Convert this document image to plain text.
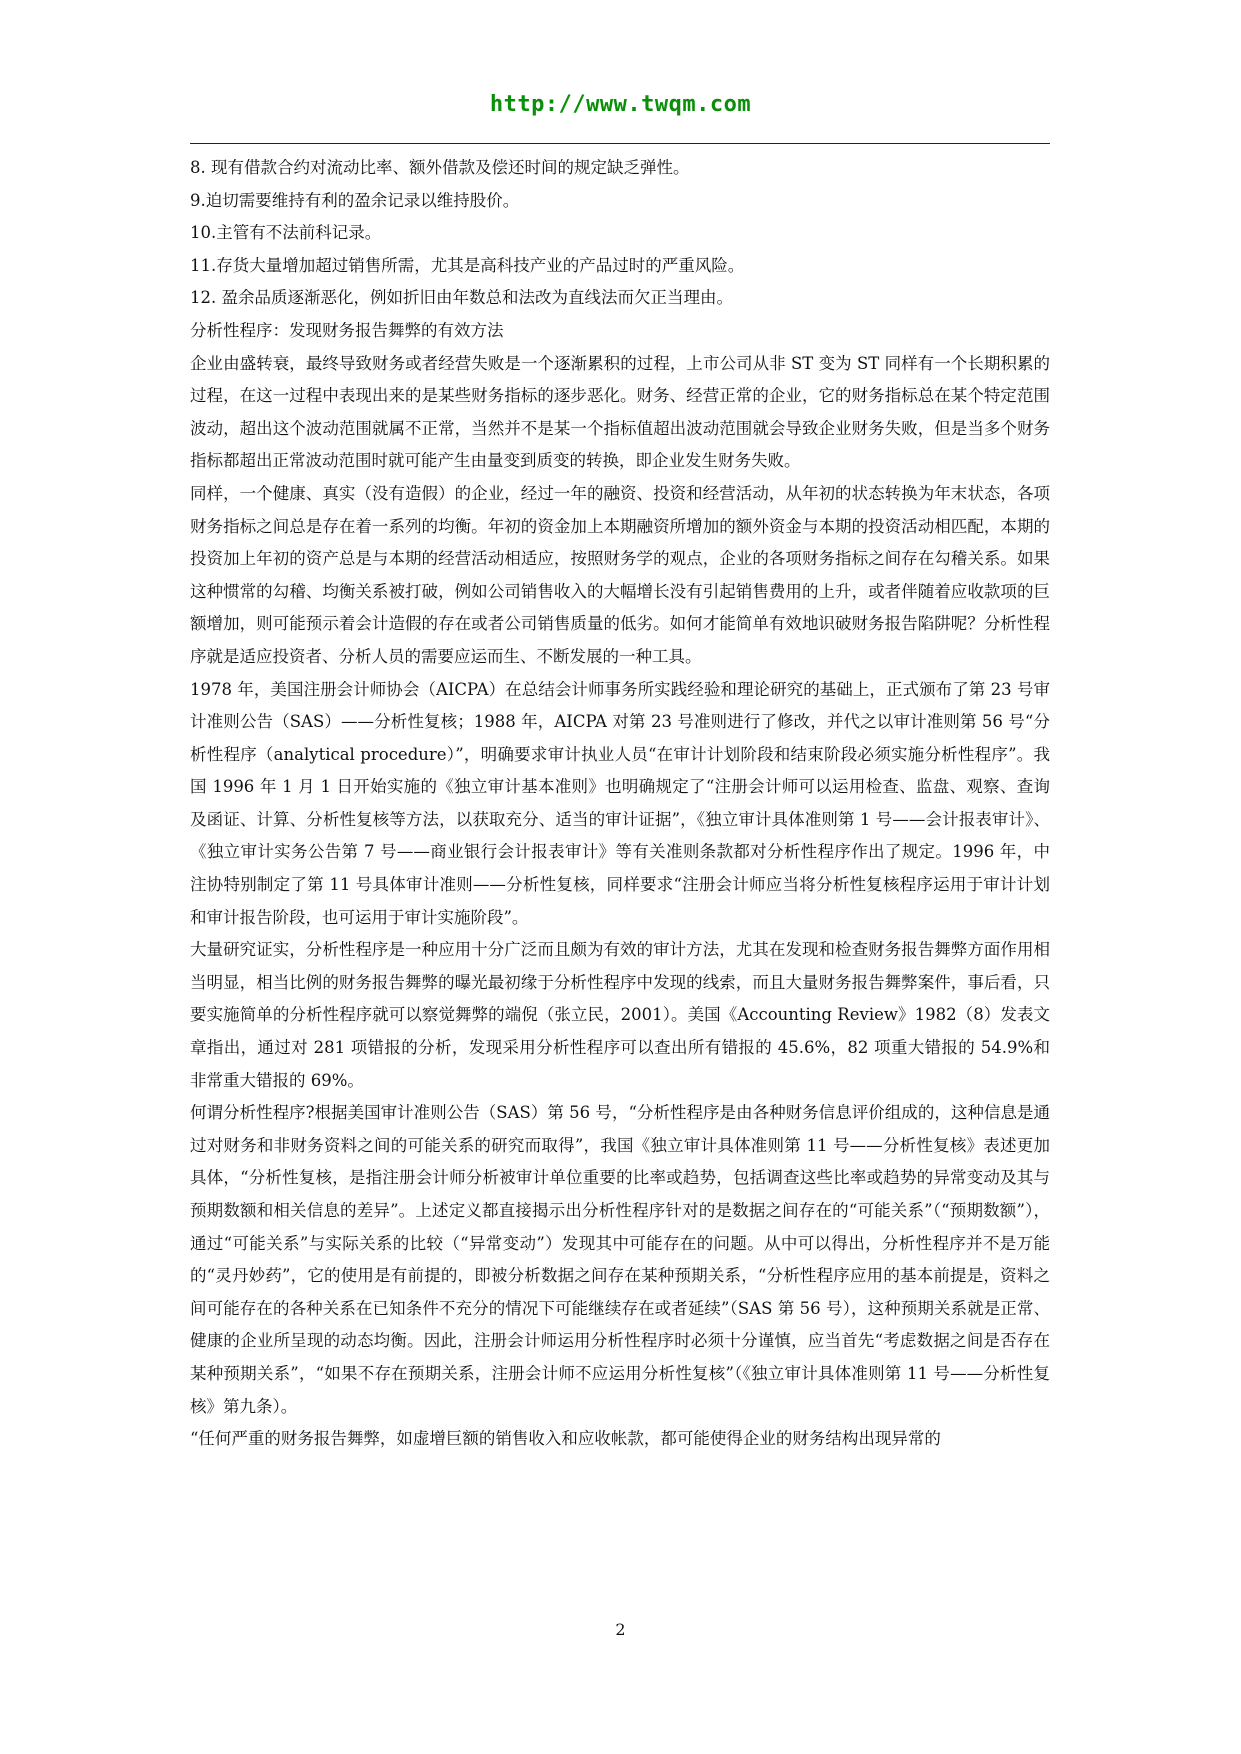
http://www.twqm.com

8. 现有借款合约对流动比率、额外借款及偿还时间的规定缺乏弹性。

9.迫切需要维持有利的盈余记录以维持股价。

10.主管有不法前科记录。

11.存货大量增加超过销售所需，尤其是高科技产业的产品过时的严重风险。

12. 盈余品质逐渐恶化，例如折旧由年数总和法改为直线法而欠正当理由。

分析性程序：发现财务报告舞弊的有效方法

企业由盛转衰，最终导致财务或者经营失败是一个逐渐累积的过程，上市公司从非 ST 变为 ST 同样有一个长期积累的过程，在这一过程中表现出来的是某些财务指标的逐步恶化。财务、经营正常的企业，它的财务指标总在某个特定范围波动，超出这个波动范围就属不正常，当然并不是某一个指标值超出波动范围就会导致企业财务失败，但是当多个财务指标都超出正常波动范围时就可能产生由量变到质变的转换，即企业发生财务失败。

同样，一个健康、真实（没有造假）的企业，经过一年的融资、投资和经营活动，从年初的状态转换为年末状态，各项财务指标之间总是存在着一系列的均衡。年初的资金加上本期融资所增加的额外资金与本期的投资活动相匹配，本期的投资加上年初的资产总是与本期的经营活动相适应，按照财务学的观点，企业的各项财务指标之间存在勾稽关系。如果这种惯常的勾稽、均衡关系被打破，例如公司销售收入的大幅增长没有引起销售费用的上升，或者伴随着应收款项的巨额增加，则可能预示着会计造假的存在或者公司销售质量的低劣。如何才能简单有效地识破财务报告陷阱呢？分析性程序就是适应投资者、分析人员的需要应运而生、不断发展的一种工具。

1978 年，美国注册会计师协会（AICPA）在总结会计师事务所实践经验和理论研究的基础上，正式颁布了第 23 号审计准则公告（SAS）——分析性复核；1988 年，AICPA 对第 23 号准则进行了修改，并代之以审计准则第 56 号“分析性程序（analytical procedure）”，明确要求审计执业人员“在审计计划阶段和结束阶段必须实施分析性程序”。我国 1996 年 1 月 1 日开始实施的《独立审计基本准则》也明确规定了“注册会计师可以运用检查、监盘、观察、查询及函证、计算、分析性复核等方法，以获取充分、适当的审计证据”，《独立审计具体准则第 1 号——会计报表审计》、《独立审计实务公告第 7 号——商业银行会计报表审计》等有关准则条款都对分析性程序作出了规定。1996 年，中注协特别制定了第 11 号具体审计准则——分析性复核，同样要求“注册会计师应当将分析性复核程序运用于审计计划和审计报告阶段，也可运用于审计实施阶段”。

大量研究证实，分析性程序是一种应用十分广泛而且颇为有效的审计方法，尤其在发现和检查财务报告舞弊方面作用相当明显，相当比例的财务报告舞弊的曝光最初缘于分析性程序中发现的线索，而且大量财务报告舞弊案件，事后看，只要实施简单的分析性程序就可以察觉舞弊的端倪（张立民，2001）。美国《Accounting Review》1982（8）发表文章指出，通过对 281 项错报的分析，发现采用分析性程序可以查出所有错报的 45.6%，82 项重大错报的 54.9%和非常重大错报的 69%。

何谓分析性程序?根据美国审计准则公告（SAS）第 56 号，“分析性程序是由各种财务信息评价组成的，这种信息是通过对财务和非财务资料之间的可能关系的研究而取得”，我国《独立审计具体准则第 11 号——分析性复核》表述更加具体，“分析性复核，是指注册会计师分析被审计单位重要的比率或趋势，包括调查这些比率或趋势的异常变动及其与预期数额和相关信息的差异”。上述定义都直接揭示出分析性程序针对的是数据之间存在的“可能关系”（“预期数额”），通过“可能关系”与实际关系的比较（“异常变动”）发现其中可能存在的问题。从中可以得出，分析性程序并不是万能的“灵丹妙药”，它的使用是有前提的，即被分析数据之间存在某种预期关系，“分析性程序应用的基本前提是，资料之间可能存在的各种关系在已知条件不充分的情况下可能继续存在或者延续”（SAS 第 56 号），这种预期关系就是正常、健康的企业所呈现的动态均衡。因此，注册会计师运用分析性程序时必须十分谨慎，应当首先“考虑数据之间是否存在某种预期关系”，“如果不存在预期关系，注册会计师不应运用分析性复核”（《独立审计具体准则第 11 号——分析性复核》第九条）。

“任何严重的财务报告舞弊，如虚增巨额的销售收入和应收帐款，都可能使得企业的财务结构出现异常的

2
